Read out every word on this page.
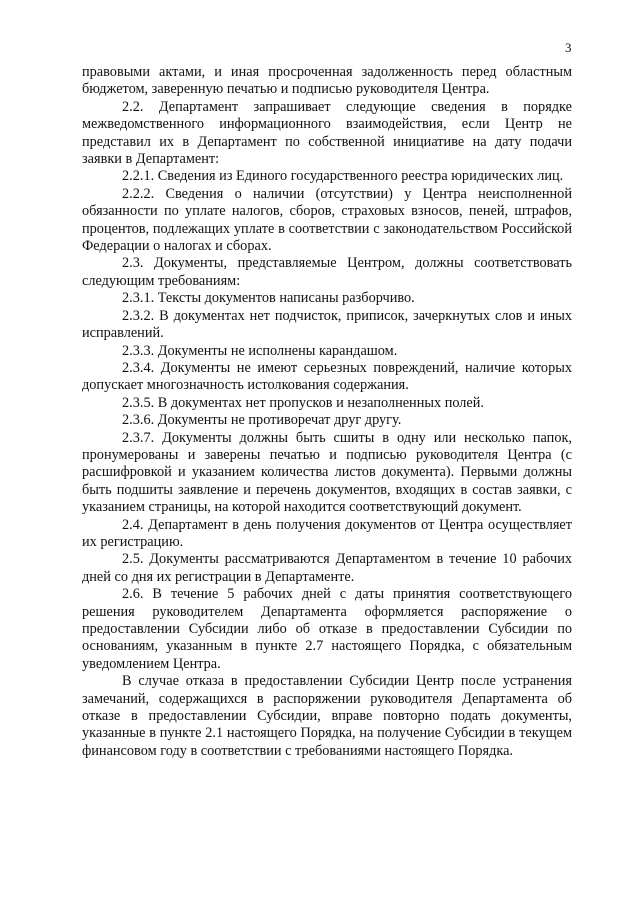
3

правовыми актами, и иная просроченная задолженность перед областным бюджетом, заверенную печатью и подписью руководителя Центра.

2.2. Департамент запрашивает следующие сведения в порядке межведомственного информационного взаимодействия, если Центр не представил их в Департамент по собственной инициативе на дату подачи заявки в Департамент:

2.2.1. Сведения из Единого государственного реестра юридических лиц.

2.2.2. Сведения о наличии (отсутствии) у Центра неисполненной обязанности по уплате налогов, сборов, страховых взносов, пеней, штрафов, процентов, подлежащих уплате в соответствии с законодательством Российской Федерации о налогах и сборах.

2.3. Документы, представляемые Центром, должны соответствовать следующим требованиям:

2.3.1. Тексты документов написаны разборчиво.

2.3.2. В документах нет подчисток, приписок, зачеркнутых слов и иных исправлений.

2.3.3. Документы не исполнены карандашом.

2.3.4. Документы не имеют серьезных повреждений, наличие которых допускает многозначность истолкования содержания.

2.3.5. В документах нет пропусков и незаполненных полей.

2.3.6. Документы не противоречат друг другу.

2.3.7. Документы должны быть сшиты в одну или несколько папок, пронумерованы и заверены печатью и подписью руководителя Центра (с расшифровкой и указанием количества листов документа). Первыми должны быть подшиты заявление и перечень документов, входящих в состав заявки, с указанием страницы, на которой находится соответствующий документ.

2.4. Департамент в день получения документов от Центра осуществляет их регистрацию.

2.5. Документы рассматриваются Департаментом в течение 10 рабочих дней со дня их регистрации в Департаменте.

2.6. В течение 5 рабочих дней с даты принятия соответствующего решения руководителем Департамента оформляется распоряжение о предоставлении Субсидии либо об отказе в предоставлении Субсидии по основаниям, указанным в пункте 2.7 настоящего Порядка, с обязательным уведомлением Центра.

В случае отказа в предоставлении Субсидии Центр после устранения замечаний, содержащихся в распоряжении руководителя Департамента об отказе в предоставлении Субсидии, вправе повторно подать документы, указанные в пункте 2.1 настоящего Порядка, на получение Субсидии в текущем финансовом году в соответствии с требованиями настоящего Порядка.
